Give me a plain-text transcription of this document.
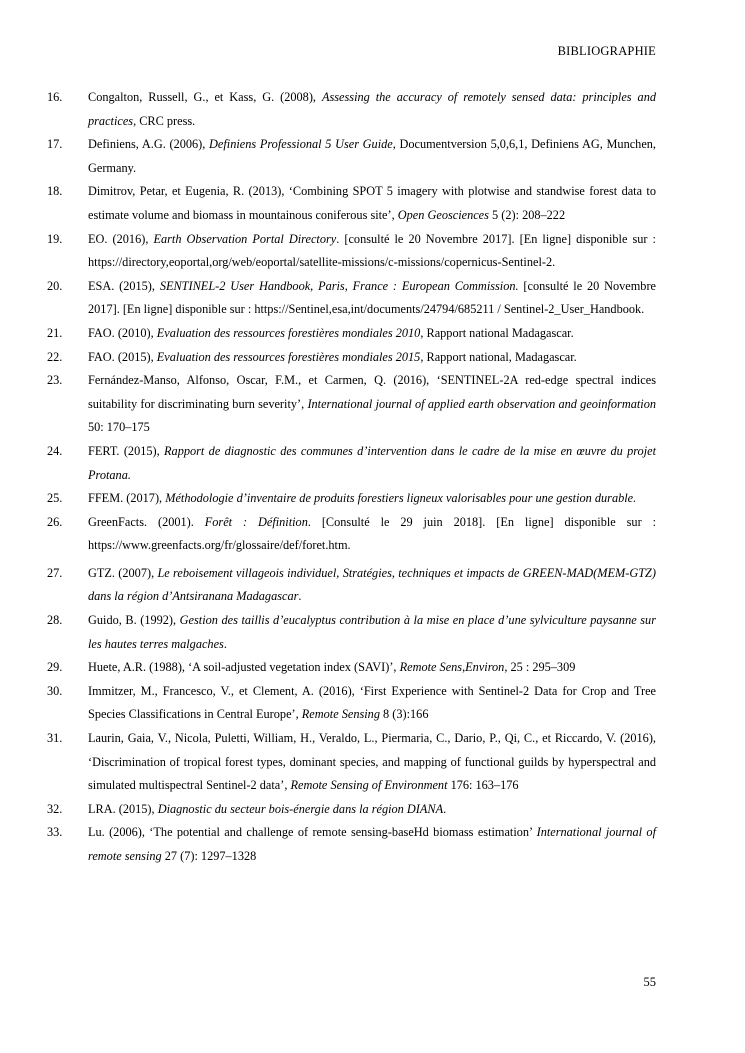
BIBLIOGRAPHIE
16.	Congalton, Russell, G., et Kass, G. (2008), Assessing the accuracy of remotely sensed data: principles and practices, CRC press.
17.	Definiens, A.G. (2006), Definiens Professional 5 User Guide, Documentversion 5,0,6,1, Definiens AG, Munchen, Germany.
18.	Dimitrov, Petar, et Eugenia, R. (2013), ‘Combining SPOT 5 imagery with plotwise and standwise forest data to estimate volume and biomass in mountainous coniferous site’, Open Geosciences 5 (2): 208–222
19.	EO. (2016), Earth Observation Portal Directory. [consulté le 20 Novembre 2017]. [En ligne] disponible sur : https://directory,eoportal,org/web/eoportal/satellite-missions/c-missions/copernicus-Sentinel-2.
20.	ESA. (2015), SENTINEL-2 User Handbook, Paris, France : European Commission. [consulté le 20 Novembre 2017]. [En ligne] disponible sur : https://Sentinel,esa,int/documents/24794/685211 / Sentinel-2_User_Handbook.
21.	FAO. (2010), Evaluation des ressources forestières mondiales 2010, Rapport national Madagascar.
22.	FAO. (2015), Evaluation des ressources forestières mondiales 2015, Rapport national, Madagascar.
23.	Fernández-Manso, Alfonso, Oscar, F.M., et Carmen, Q. (2016), ‘SENTINEL-2A red-edge spectral indices suitability for discriminating burn severity’, International journal of applied earth observation and geoinformation 50: 170–175
24.	FERT. (2015), Rapport de diagnostic des communes d’intervention dans le cadre de la mise en œuvre du projet Protana.
25.	FFEM. (2017), Méthodologie d’inventaire de produits forestiers ligneux valorisables pour une gestion durable.
26.	GreenFacts. (2001). Forêt : Définition. [Consulté le 29 juin 2018]. [En ligne] disponible sur : https://www.greenfacts.org/fr/glossaire/def/foret.htm.
27.	GTZ. (2007), Le reboisement villageois individuel, Stratégies, techniques et impacts de GREEN-MAD(MEM-GTZ) dans la région d’Antsiranana Madagascar.
28.	Guido, B. (1992), Gestion des taillis d’eucalyptus contribution à la mise en place d’une sylviculture paysanne sur les hautes terres malgaches.
29.	Huete, A.R. (1988), ‘A soil-adjusted vegetation index (SAVI)’, Remote Sens,Environ, 25 : 295–309
30.	Immitzer, M., Francesco, V., et Clement, A. (2016), ‘First Experience with Sentinel-2 Data for Crop and Tree Species Classifications in Central Europe’, Remote Sensing 8 (3):166
31.	Laurin, Gaia, V., Nicola, Puletti, William, H., Veraldo, L., Piermaria, C., Dario, P., Qi, C., et Riccardo, V. (2016), ‘Discrimination of tropical forest types, dominant species, and mapping of functional guilds by hyperspectral and simulated multispectral Sentinel-2 data’, Remote Sensing of Environment 176: 163–176
32.	LRA. (2015), Diagnostic du secteur bois-énergie dans la région DIANA.
33.	Lu. (2006), ‘The potential and challenge of remote sensing-baseHd biomass estimation’ International journal of remote sensing 27 (7): 1297–1328
55
